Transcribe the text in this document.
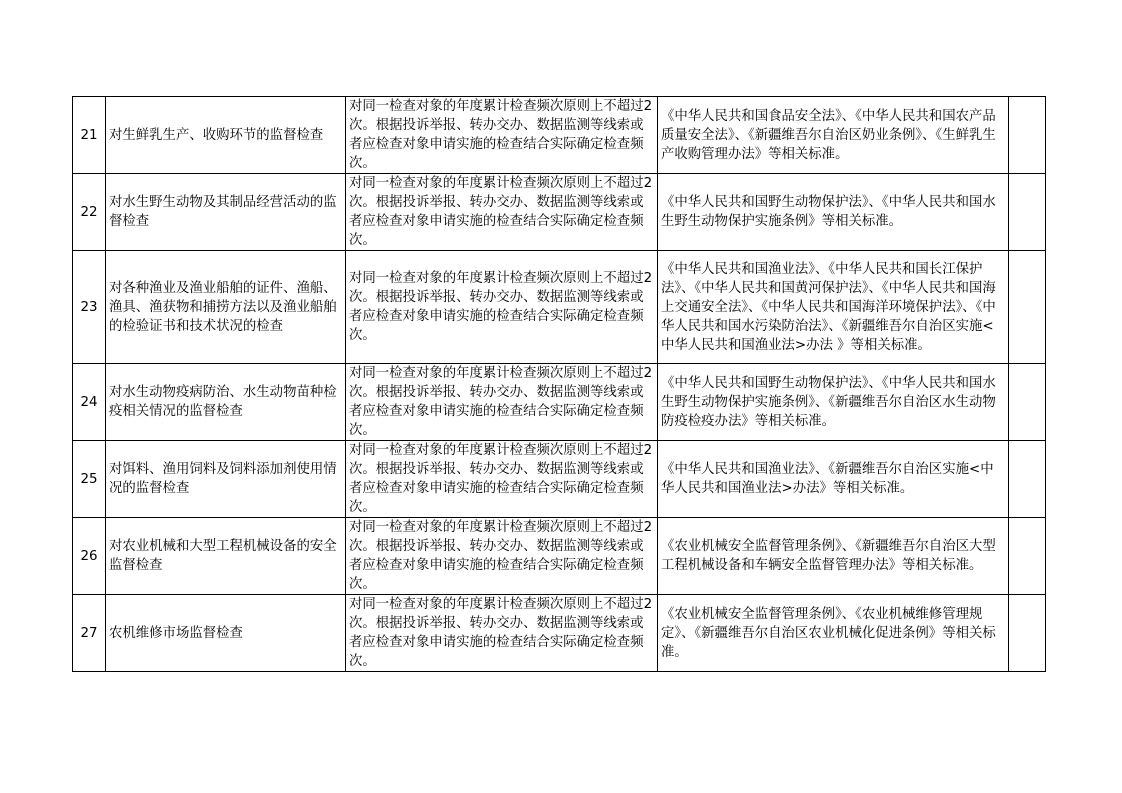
21	对生鲜乳生产、收购环节的监督检查	对同一检查对象的年度累计检查频次原则上不超过2次。根据投诉举报、转办交办、数据监测等线索或者应检查对象申请实施的检查结合实际确定检查频次。	《中华人民共和国食品安全法》、《中华人民共和国农产品质量安全法》、《新疆维吾尔自治区奶业条例》、《生鲜乳生产收购管理办法》等相关标准。	
22	对水生野生动物及其制品经营活动的监督检查	对同一检查对象的年度累计检查频次原则上不超过2次。根据投诉举报、转办交办、数据监测等线索或者应检查对象申请实施的检查结合实际确定检查频次。	《中华人民共和国野生动物保护法》、《中华人民共和国水生野生动物保护实施条例》等相关标准。	
23	对各种渔业及渔业船舶的证件、渔船、渔具、渔获物和捕捞方法以及渔业船舶的检验证书和技术状况的检查	对同一检查对象的年度累计检查频次原则上不超过2次。根据投诉举报、转办交办、数据监测等线索或者应检查对象申请实施的检查结合实际确定检查频次。	《中华人民共和国渔业法》、《中华人民共和国长江保护法》、《中华人民共和国黄河保护法》、《中华人民共和国海上交通安全法》、《中华人民共和国海洋环境保护法》、《中华人民共和国水污染防治法》、《新疆维吾尔自治区实施<中华人民共和国渔业法>办法 》等相关标准。	
24	对水生动物疫病防治、水生动物苗种检疫相关情况的监督检查	对同一检查对象的年度累计检查频次原则上不超过2次。根据投诉举报、转办交办、数据监测等线索或者应检查对象申请实施的检查结合实际确定检查频次。	《中华人民共和国野生动物保护法》、《中华人民共和国水生野生动物保护实施条例》、《新疆维吾尔自治区水生动物防疫检疫办法》等相关标准。	
25	对饵料、渔用饲料及饲料添加剂使用情况的监督检查	对同一检查对象的年度累计检查频次原则上不超过2次。根据投诉举报、转办交办、数据监测等线索或者应检查对象申请实施的检查结合实际确定检查频次。	《中华人民共和国渔业法》、《新疆维吾尔自治区实施<中华人民共和国渔业法>办法》等相关标准。	
26	对农业机械和大型工程机械设备的安全监督检查	对同一检查对象的年度累计检查频次原则上不超过2次。根据投诉举报、转办交办、数据监测等线索或者应检查对象申请实施的检查结合实际确定检查频次。	《农业机械安全监督管理条例》、《新疆维吾尔自治区大型工程机械设备和车辆安全监督管理办法》等相关标准。	
27	农机维修市场监督检查	对同一检查对象的年度累计检查频次原则上不超过2次。根据投诉举报、转办交办、数据监测等线索或者应检查对象申请实施的检查结合实际确定检查频次。	《农业机械安全监督管理条例》、《农业机械维修管理规定》、《新疆维吾尔自治区农业机械化促进条例》等相关标准。	
